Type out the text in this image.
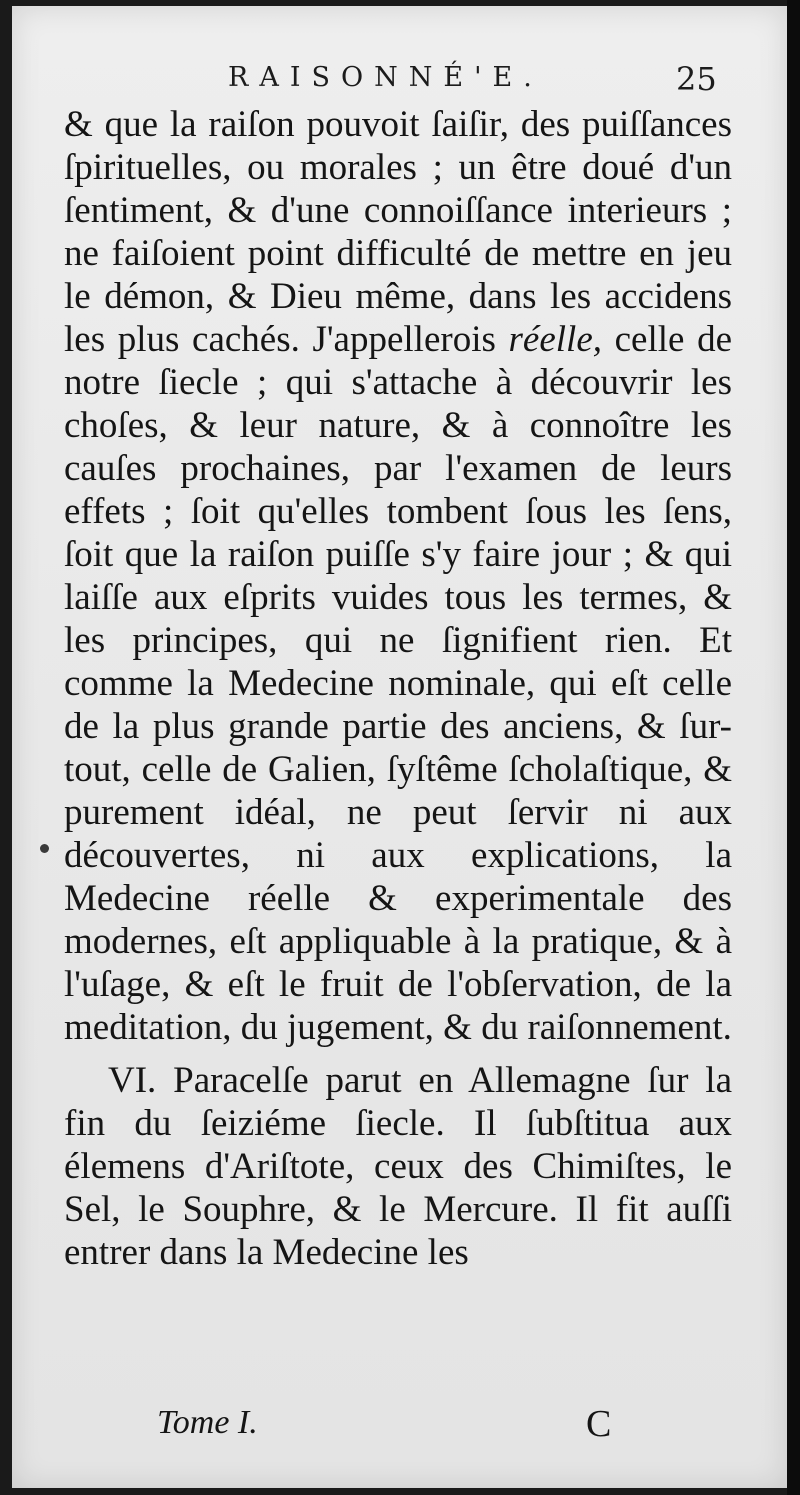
RAISONNÉ'E.	25

& que la raiſon pouvoit ſaiſir, des puiſſances ſpirituelles, ou morales ; un être doué d'un ſentiment, & d'une connoiſſance interieurs ; ne faiſoient point difficulté de mettre en jeu le démon, & Dieu même, dans les accidens les plus cachés. J'appellerois réelle, celle de notre ſiecle ; qui s'attache à découvrir les choſes, & leur nature, & à connoître les cauſes prochaines, par l'examen de leurs effets ; ſoit qu'elles tombent ſous les ſens, ſoit que la raiſon puiſſe s'y faire jour ; & qui laiſſe aux eſprits vuides tous les termes, & les principes, qui ne ſignifient rien. Et comme la Medecine nominale, qui eſt celle de la plus grande partie des anciens, & ſur-tout, celle de Galien, ſyſtême ſcholaſtique, & purement idéal, ne peut ſervir ni aux découvertes, ni aux explications, la Medecine réelle & experimentale des modernes, eſt appliquable à la pratique, & à l'uſage, & eſt le fruit de l'obſervation, de la meditation, du jugement, & du raiſonnement.

VI. Paracelſe parut en Allemagne ſur la fin du ſeiziéme ſiecle. Il ſubſtitua aux élemens d'Ariſtote, ceux des Chimiſtes, le Sel, le Souphre, & le Mercure. Il fit auſſi entrer dans la Medecine les

Tome I.	C
